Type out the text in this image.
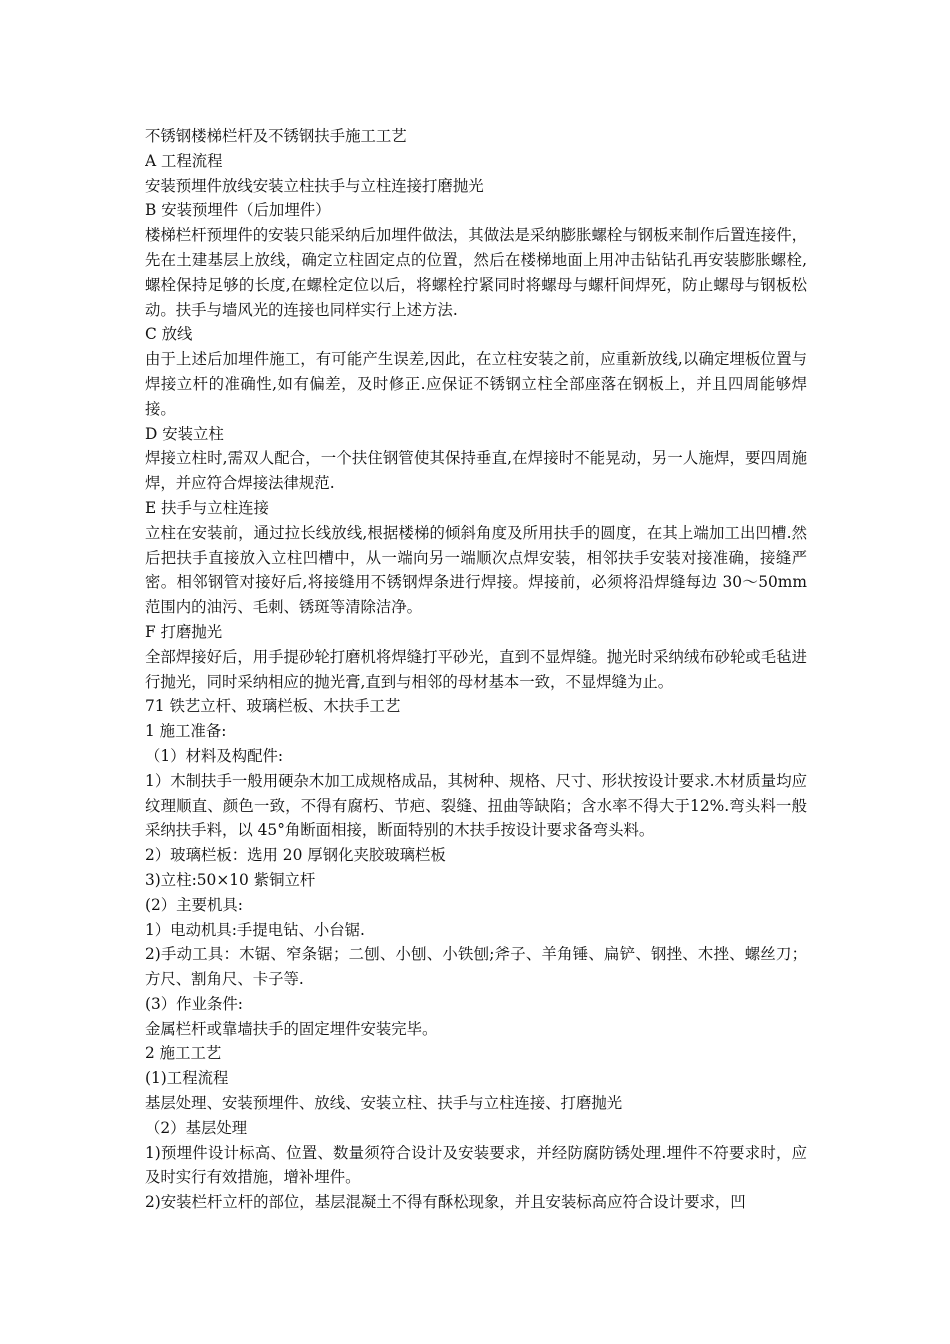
不锈钢楼梯栏杆及不锈钢扶手施工工艺
A 工程流程
安装预埋件放线安装立柱扶手与立柱连接打磨抛光
B 安装预埋件（后加埋件）
楼梯栏杆预埋件的安装只能采纳后加埋件做法，其做法是采纳膨胀螺栓与钢板来制作后置连接件，先在土建基层上放线，确定立柱固定点的位置，然后在楼梯地面上用冲击钻钻孔再安装膨胀螺栓,螺栓保持足够的长度,在螺栓定位以后，将螺栓拧紧同时将螺母与螺杆间焊死，防止螺母与钢板松动。扶手与墙风光的连接也同样实行上述方法.
C 放线
由于上述后加埋件施工，有可能产生误差,因此，在立柱安装之前，应重新放线,以确定埋板位置与焊接立杆的准确性,如有偏差，及时修正.应保证不锈钢立柱全部座落在钢板上，并且四周能够焊接。
D 安装立柱
焊接立柱时,需双人配合，一个扶住钢管使其保持垂直,在焊接时不能晃动，另一人施焊，要四周施焊，并应符合焊接法律规范.
E 扶手与立柱连接
立柱在安装前，通过拉长线放线,根据楼梯的倾斜角度及所用扶手的圆度，在其上端加工出凹槽.然后把扶手直接放入立柱凹槽中，从一端向另一端顺次点焊安装，相邻扶手安装对接准确，接缝严密。相邻钢管对接好后,将接缝用不锈钢焊条进行焊接。焊接前，必须将沿焊缝每边 30～50mm 范围内的油污、毛刺、锈斑等清除洁净。
F 打磨抛光
全部焊接好后，用手提砂轮打磨机将焊缝打平砂光，直到不显焊缝。抛光时采纳绒布砂轮或毛毡进行抛光，同时采纳相应的抛光膏,直到与相邻的母材基本一致，不显焊缝为止。
71 铁艺立杆、玻璃栏板、木扶手工艺
1 施工准备:
（1）材料及构配件:
1）木制扶手一般用硬杂木加工成规格成品，其树种、规格、尺寸、形状按设计要求.木材质量均应纹理顺直、颜色一致，不得有腐朽、节疤、裂缝、扭曲等缺陷；含水率不得大于12%.弯头料一般采纳扶手料，以 45°角断面相接，断面特别的木扶手按设计要求备弯头料。
2）玻璃栏板：选用 20 厚钢化夹胶玻璃栏板
3)立柱:50×10 紫铜立杆
(2）主要机具:
1）电动机具:手提电钻、小台锯.
2)手动工具：木锯、窄条锯；二刨、小刨、小铁刨;斧子、羊角锤、扁铲、钢挫、木挫、螺丝刀；方尺、割角尺、卡子等.
(3）作业条件:
金属栏杆或靠墙扶手的固定埋件安装完毕。
2 施工工艺
(1)工程流程
基层处理、安装预埋件、放线、安装立柱、扶手与立柱连接、打磨抛光
（2）基层处理
1)预埋件设计标高、位置、数量须符合设计及安装要求，并经防腐防锈处理.埋件不符要求时，应及时实行有效措施，增补埋件。
2)安装栏杆立杆的部位，基层混凝土不得有酥松现象，并且安装标高应符合设计要求，凹
